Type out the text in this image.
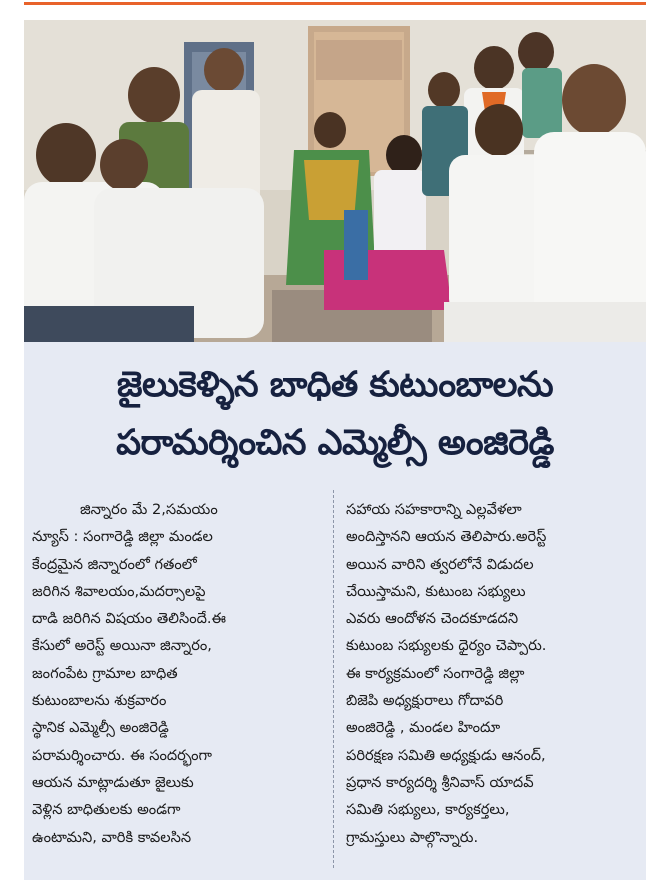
జైలుకెళ్ళిన బాధిత కుటుంబాలను
పరామర్శించిన ఎమ్మెల్సీ అంజిరెడ్డి
జిన్నారం మే 2,సమయం
న్యూస్ : సంగారెడ్డి జిల్లా మండల
కేంద్రమైన జిన్నారంలో గతంలో
జరిగిన శివాలయం,మదర్సాలపై
దాడి జరిగిన విషయం తెలిసిందే.ఈ
కేసులో అరెస్ట్ అయినా జిన్నారం,
జంగంపేట గ్రామాల బాధిత
కుటుంబాలను శుక్రవారం
స్థానిక ఎమ్మెల్సీ అంజిరెడ్డి
పరామర్శించారు. ఈ సందర్భంగా
ఆయన మాట్లాడుతూ జైలుకు
వెళ్లిన బాధితులకు అండగా
ఉంటామని, వారికి కావలసిన
సహాయ సహకారాన్ని ఎల్లవేళలా
అందిస్తానని ఆయన తెలిపారు.అరెస్ట్
అయిన వారిని త్వరలోనే విడుదల
చేయిస్తామని, కుటుంబ సభ్యులు
ఎవరు ఆందోళన చెందకూడదని
కుటుంబ సభ్యులకు ధైర్యం చెప్పారు.
ఈ కార్యక్రమంలో సంగారెడ్డి జిల్లా
బిజెపి అధ్యక్షురాలు గోదావరి
అంజిరెడ్డి , మండల హిందూ
పరిరక్షణ సమితి అధ్యక్షుడు ఆనంద్,
ప్రధాన కార్యదర్శి శ్రీనివాస్ యాదవ్
సమితి సభ్యులు, కార్యకర్తలు,
గ్రామస్తులు పాల్గొన్నారు.
